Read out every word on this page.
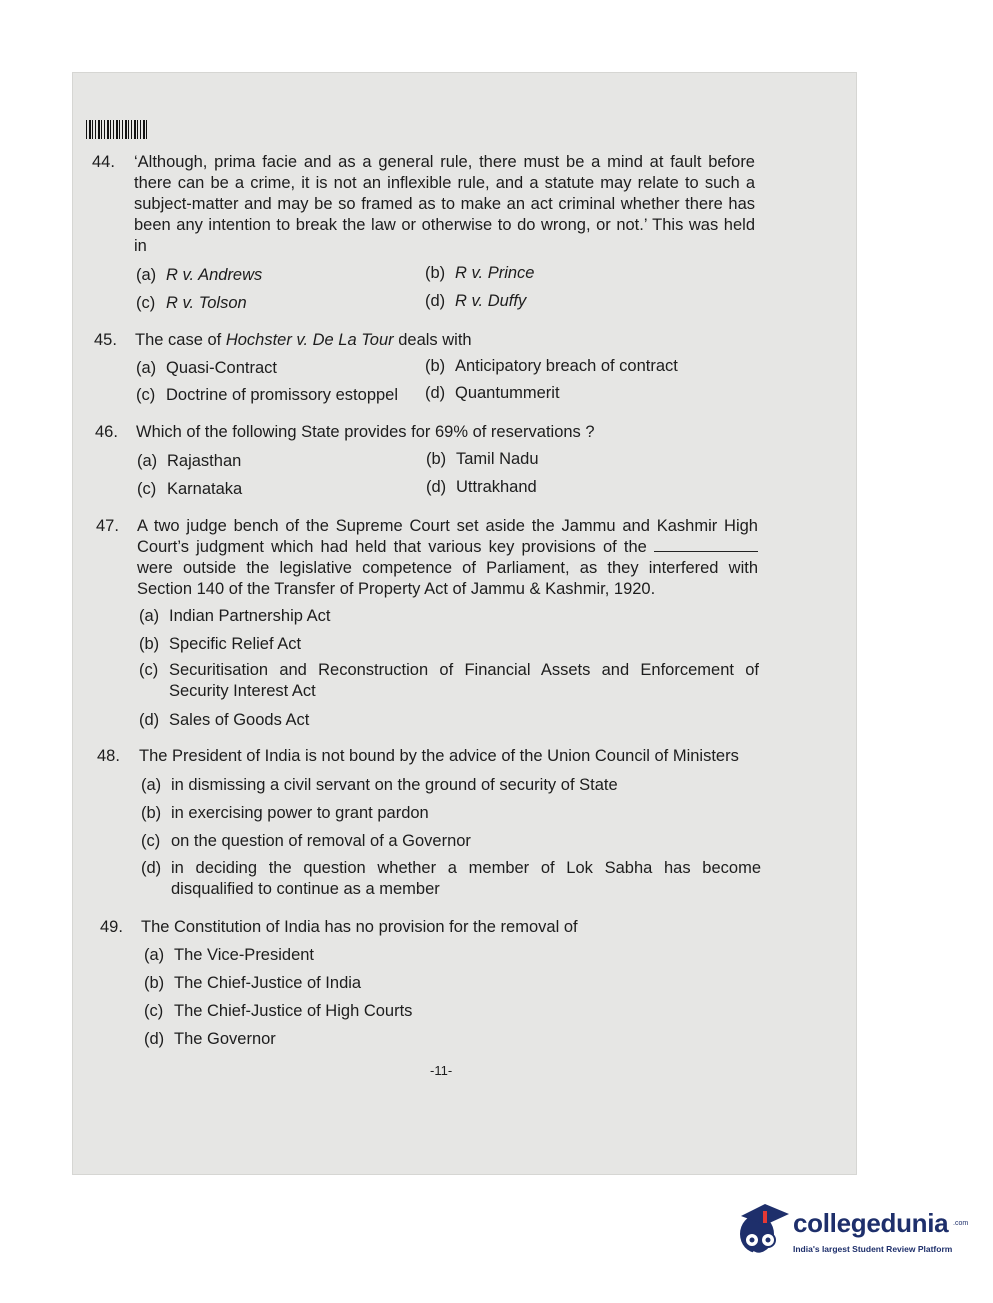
44. ‘Although, prima facie and as a general rule, there must be a mind at fault before there can be a crime, it is not an inflexible rule, and a statute may relate to such a subject-matter and may be so framed as to make an act criminal whether there has been any intention to break the law or otherwise to do wrong, or not.’ This was held in
(a) R v. Andrews	(b) R v. Prince
(c) R v. Tolson	(d) R v. Duffy
45. The case of Hochster v. De La Tour deals with
(a) Quasi-Contract	(b) Anticipatory breach of contract
(c) Doctrine of promissory estoppel (d) Quantummerit
46. Which of the following State provides for 69% of reservations ?
(a) Rajasthan	(b) Tamil Nadu
(c) Karnataka	(d) Uttrakhand
47. A two judge bench of the Supreme Court set aside the Jammu and Kashmir High Court’s judgment which had held that various key provisions of the  were outside the legislative competence of Parliament, as they interfered with Section 140 of the Transfer of Property Act of Jammu & Kashmir, 1920.
(a) Indian Partnership Act
(b) Specific Relief Act
(c) Securitisation and Reconstruction of Financial Assets and Enforcement of Security Interest Act
(d) Sales of Goods Act
48. The President of India is not bound by the advice of the Union Council of Ministers
(a) in dismissing a civil servant on the ground of security of State
(b) in exercising power to grant pardon
(c) on the question of removal of a Governor
(d) in deciding the question whether a member of Lok Sabha has become disqualified to continue as a member
49. The Constitution of India has no provision for the removal of
(a) The Vice-President
(b) The Chief-Justice of India
(c) The Chief-Justice of High Courts
(d) The Governor
-11-
collegedunia .com
India's largest Student Review Platform
